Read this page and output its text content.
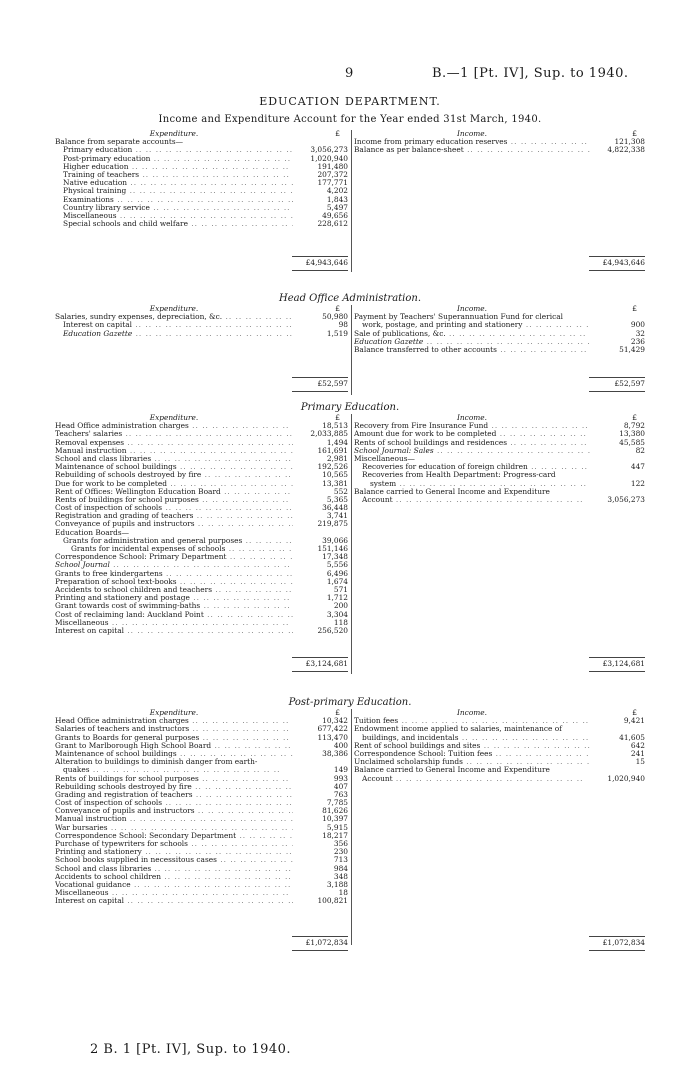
9	B.—1 [Pt. IV], Sup. to 1940.
EDUCATION DEPARTMENT.
Income and Expenditure Account for the Year ended 31st March, 1940.
Expenditure.	£
Balance from separate accounts—
Primary education .. ..	3,056,273
Post-primary education .. ..	1,020,940
Higher education .. ..	191,480
Training of teachers .. ..	207,372
Native education .. ..	177,771
Physical training .. ..	4,202
Examinations .. ..	1,843
Country library service .. ..	5,497
Miscellaneous .. ..	49,656
Special schools and child welfare .. ..	228,612
Income.	£
Income from primary education reserves .. ..	121,308
Balance as per balance-sheet .. ..	4,822,338
£4,943,646	£4,943,646
Head Office Administration.
Expenditure.	£
Salaries, sundry expenses, depreciation, &c. .. ..	50,980
Interest on capital .. ..	98
Education Gazette .. ..	1,519
Income.	£
Payment by Teachers' Superannuation Fund for clerical
work, postage, and printing and stationery .. ..	900
Sale of publications, &c. .. ..	32
Education Gazette .. ..	236
Balance transferred to other accounts .. ..	51,429
£52,597	£52,597
Primary Education.
Expenditure.	£
Head Office administration charges .. ..	18,513
Teachers' salaries .. ..	2,033,885
Removal expenses .. ..	1,494
Manual instruction .. ..	161,691
School and class libraries .. ..	2,981
Maintenance of school buildings .. ..	192,526
Rebuilding of schools destroyed by fire .. ..	10,565
Due for work to be completed .. ..	13,381
Rent of Offices: Wellington Education Board .. ..	552
Rents of buildings for school purposes .. ..	5,365
Cost of inspection of schools .. ..	36,448
Registration and grading of teachers .. ..	3,741
Conveyance of pupils and instructors .. ..	219,875
Education Boards—
Grants for administration and general purposes .. ..	39,066
Grants for incidental expenses of schools .. ..	151,146
Correspondence School: Primary Department .. ..	17,348
School Journal .. ..	5,556
Grants to free kindergartens .. ..	6,496
Preparation of school text-books .. ..	1,674
Accidents to school children and teachers .. ..	571
Printing and stationery and postage .. ..	1,712
Grant towards cost of swimming-baths .. ..	200
Cost of reclaiming land: Auckland Point .. ..	3,304
Miscellaneous .. ..	118
Interest on capital .. ..	256,520
Income.	£
Recovery from Fire Insurance Fund .. ..	8,792
Amount due for work to be completed .. ..	13,380
Rents of school buildings and residences .. ..	45,585
School Journal: Sales .. ..	82
Miscellaneous—
Recoveries for education of foreign children .. ..	447
Recoveries from Health Department: Progress-card
system .. ..	122
Balance carried to General Income and Expenditure
Account .. ..	3,056,273
£3,124,681	£3,124,681
Post-primary Education.
Expenditure.	£
Head Office administration charges .. ..	10,342
Salaries of teachers and instructors .. ..	677,422
Grants to Boards for general purposes .. ..	113,470
Grant to Marlborough High School Board .. ..	400
Maintenance of school buildings .. ..	38,386
Alteration to buildings to diminish danger from earth-
quakes .. ..	149
Rents of buildings for school purposes .. ..	993
Rebuilding schools destroyed by fire .. ..	407
Grading and registration of teachers .. ..	763
Cost of inspection of schools .. ..	7,785
Conveyance of pupils and instructors .. ..	81,626
Manual instruction .. ..	10,397
War bursaries .. ..	5,915
Correspondence School: Secondary Department .. ..	18,217
Purchase of typewriters for schools .. ..	356
Printing and stationery .. ..	230
School books supplied in necessitous cases .. ..	713
School and class libraries .. ..	984
Accidents to school children .. ..	348
Vocational guidance .. ..	3,188
Miscellaneous .. ..	18
Interest on capital .. ..	100,821
Income.	£
Tuition fees .. ..	9,421
Endowment income applied to salaries, maintenance of
buildings, and incidentals .. ..	41,605
Rent of school buildings and sites .. ..	642
Correspondence School: Tuition fees .. ..	241
Unclaimed scholarship funds .. ..	15
Balance carried to General Income and Expenditure
Account .. ..	1,020,940
£1,072,834	£1,072,834
2 B. 1 [Pt. IV], Sup. to 1940.
